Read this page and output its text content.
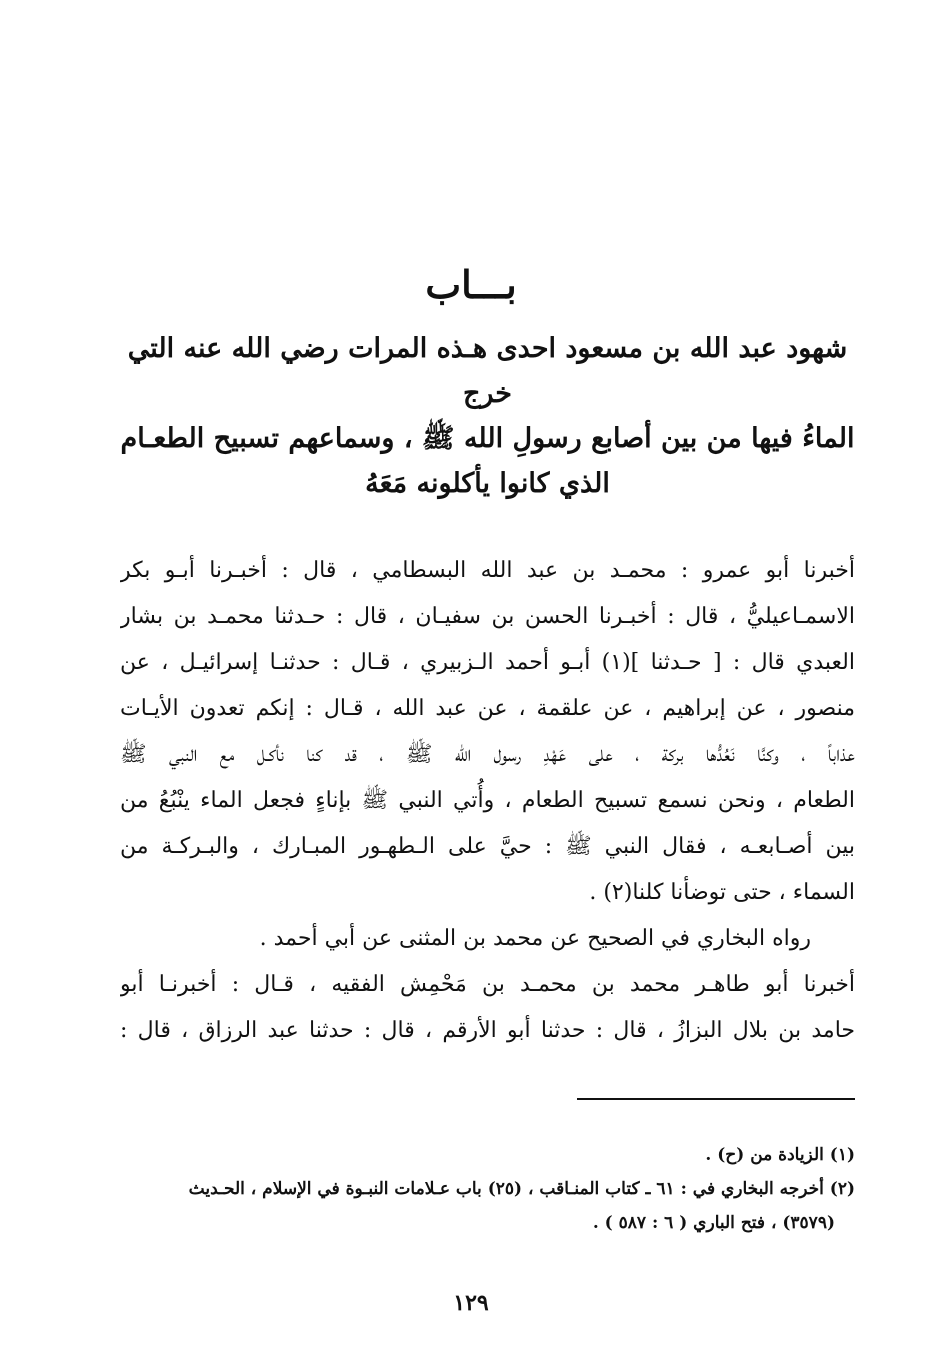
بـــاب
شهود عبد الله بن مسعود احدى هـذه المرات رضي الله عنه التي خرج
الماءُ فيها من بين أصابع رسولِ الله ﷺ ، وسماعهم تسبيح الطعـام
الذي كانوا يأكلونه مَعَهُ
أخبرنا أبو عمرو : محمـد بن عبد الله البسطامي ، قال : أخبـرنا أبـو بكر
الاسمـاعيليُّ ، قال : أخبـرنا الحسن بن سفيـان ، قال : حـدثنا محمـد بن بشار
العبدي قال : [ حـدثنا ](١) أبـو أحمد الـزبيري ، قـال : حدثنـا إسرائيـل ، عن
منصور ، عن إبراهيم ، عن علقمة ، عن عبد الله ، قـال : إنكم تعدون الأيـات
عذاباً ، وكنَّا نَعُدُّها بركة ، على عَهْدِ رسول الله ﷺ ، قد كنا نأكـل مع النبي ﷺ
الطعام ، ونحن نسمع تسبيح الطعام ، وأُتي النبي ﷺ بإناءٍ فجعل الماء ينْبُعُ من
بين أصـابعـه ، فقال النبي ﷺ : حيَّ على الـطهـور المبـارك ، والبـركـة من
السماء ، حتى توضأنا كلنا(٢) .
رواه البخاري في الصحيح عن محمد بن المثنى عن أبي أحمد .
أخبرنا أبو طاهـر محمد بن محمـد بن مَحْمِش الفقيه ، قـال : أخبرنـا أبو
حامد بن بلال البزازُ ، قال : حدثنا أبو الأرقم ، قال : حدثنا عبد الرزاق ، قال :
(١) الزيادة من (ح) .
(٢) أخرجه البخاري في : ٦١ ـ كتاب المنـاقب ، (٢٥) باب عـلامات النبـوة في الإسلام ، الحـديث
(٣٥٧٩) ، فتح الباري ( ٦ : ٥٨٧ ) .
١٢٩
